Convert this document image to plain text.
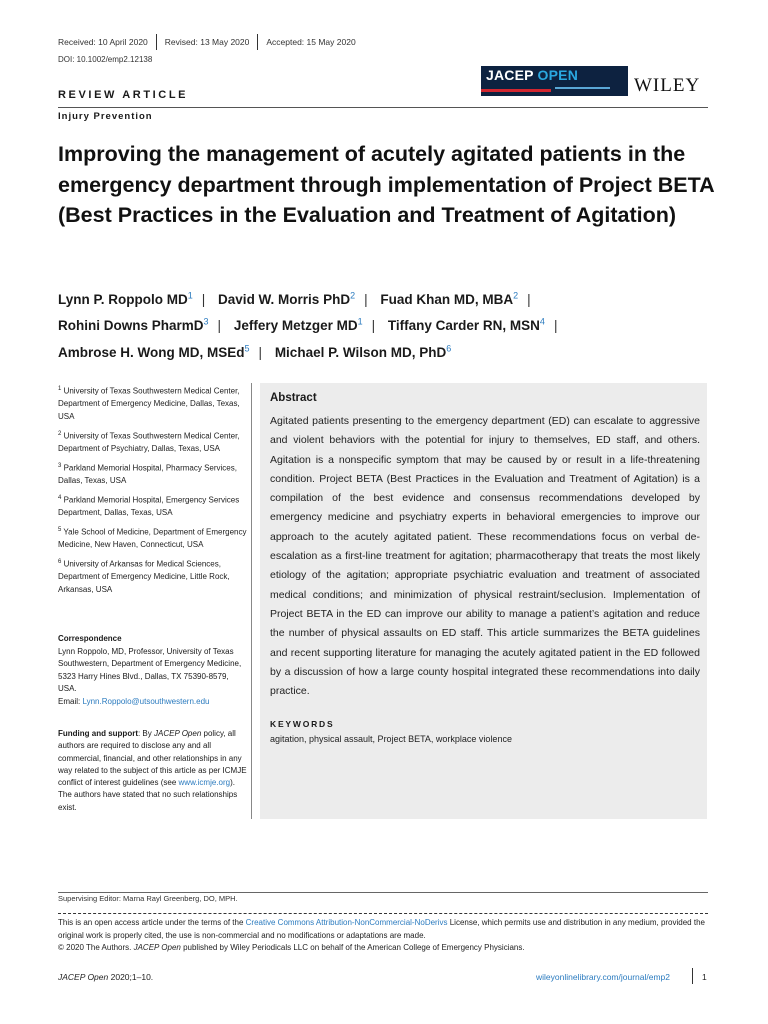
Received: 10 April 2020 Revised: 13 May 2020 Accepted: 15 May 2020
DOI: 10.1002/emp2.12138
JACEP OPEN	WILEY
REVIEW ARTICLE
Injury Prevention
Improving the management of acutely agitated patients in the emergency department through implementation of Project BETA (Best Practices in the Evaluation and Treatment of Agitation)
Lynn P. Roppolo $MD^1$ | David W. Morris PhD$^2$ | Fuad Khan MD, MBA$^2$ |
Rohini Downs PharmD$^3$ | Jeffery Metzger $MD^1$ | Tiffany Carder RN, MSN$^4$ |
Ambrose H. Wong MD, MSEd$^5$ | Michael P. Wilson MD, PhD$^6$
$^1$ University of Texas Southwestern Medical Center, Department of Emergency Medicine, Dallas, Texas, USA
$^2$ University of Texas Southwestern Medical Center, Department of Psychiatry, Dallas, Texas, USA
$^3$ Parkland Memorial Hospital, Pharmacy Services, Dallas, Texas, USA
$^4$ Parkland Memorial Hospital, Emergency Services Department, Dallas, Texas, USA
$^5$ Yale School of Medicine, Department of Emergency Medicine, New Haven, Connecticut, USA
$^6$ University of Arkansas for Medical Sciences, Department of Emergency Medicine, Little Rock, Arkansas, USA
Correspondence
Lynn Roppolo, MD, Professor, University of Texas Southwestern, Department of Emergency Medicine, 5323 Harry Hines Blvd., Dallas, TX 75390-8579, USA.
Email: Lynn.Roppolo@utsouthwestern.edu
Funding and support: By JACEP Open policy, all authors are required to disclose any and all commercial, financial, and other relationships in any way related to the subject of this article as per ICMJE conflict of interest guidelines (see www.icmje.org). The authors have stated that no such relationships exist.
Abstract
Agitated patients presenting to the emergency department (ED) can escalate to aggressive and violent behaviors with the potential for injury to themselves, ED staff, and others. Agitation is a nonspecific symptom that may be caused by or result in a life-threatening condition. Project BETA (Best Practices in the Evaluation and Treatment of Agitation) is a compilation of the best evidence and consensus recommendations developed by emergency medicine and psychiatry experts in behavioral emergencies to improve our approach to the acutely agitated patient. These recommendations focus on verbal de-escalation as a first-line treatment for agitation; pharmacotherapy that treats the most likely etiology of the agitation; appropriate psychiatric evaluation and treatment of associated medical conditions; and minimization of physical restraint/seclusion. Implementation of Project BETA in the ED can improve our ability to manage a patient’s agitation and reduce the number of physical assaults on ED staff. This article summarizes the BETA guidelines and recent supporting literature for managing the acutely agitated patient in the ED followed by a discussion of how a large county hospital integrated these recommendations into daily practice.
KEYWORDS
agitation, physical assault, Project BETA, workplace violence
Supervising Editor: Marna Rayl Greenberg, DO, MPH.
This is an open access article under the terms of the Creative Commons Attribution-NonCommercial-NoDerivs License, which permits use and distribution in any medium, provided the original work is properly cited, the use is non-commercial and no modifications or adaptations are made.
© 2020 The Authors. JACEP Open published by Wiley Periodicals LLC on behalf of the American College of Emergency Physicians.
JACEP Open 2020;1–10.	wileyonlinelibrary.com/journal/emp2	1
